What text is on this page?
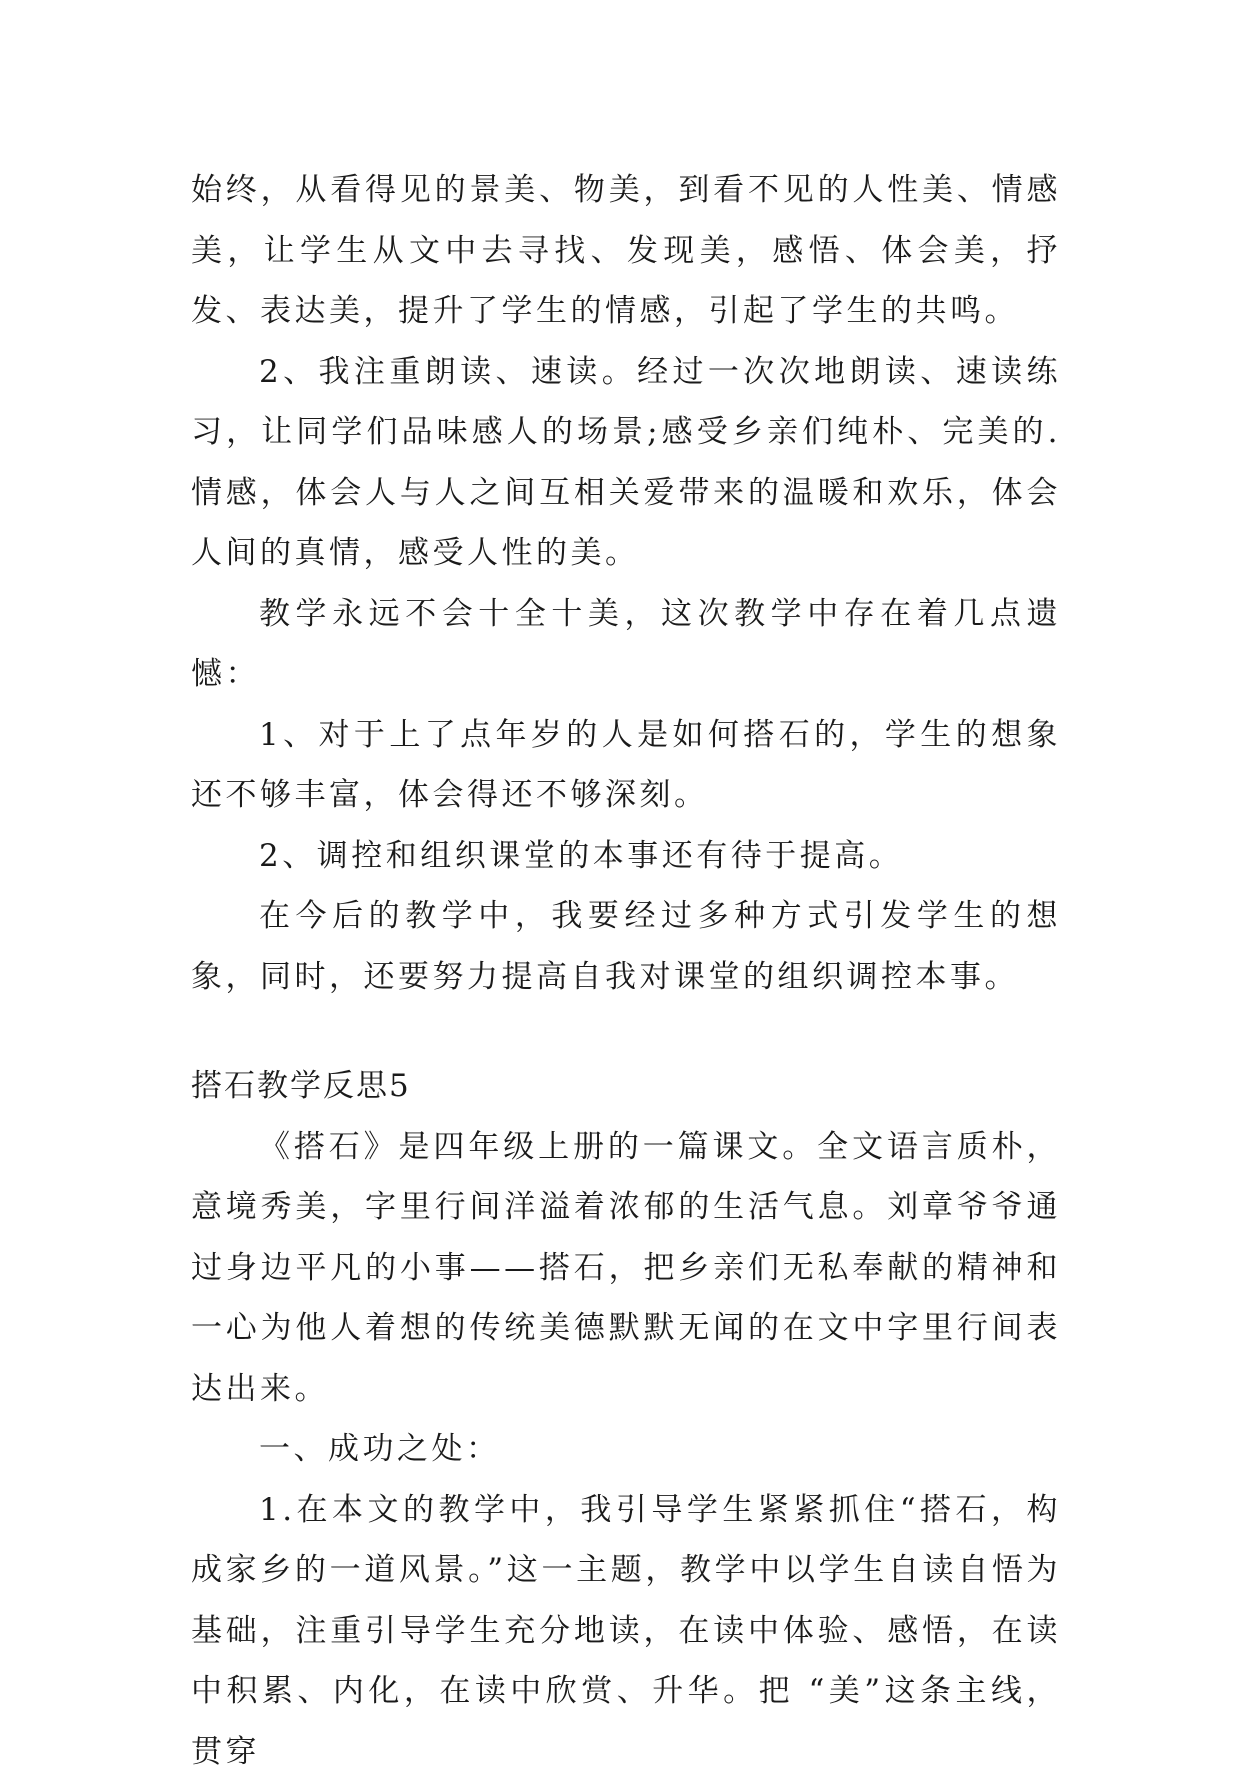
始终，从看得见的景美、物美，到看不见的人性美、情感美，让学生从文中去寻找、发现美，感悟、体会美，抒发、表达美，提升了学生的情感，引起了学生的共鸣。

2、我注重朗读、速读。经过一次次地朗读、速读练习，让同学们品味感人的场景;感受乡亲们纯朴、完美的.情感，体会人与人之间互相关爱带来的温暖和欢乐，体会人间的真情，感受人性的美。

教学永远不会十全十美，这次教学中存在着几点遗憾：

1、对于上了点年岁的人是如何搭石的，学生的想象还不够丰富，体会得还不够深刻。

2、调控和组织课堂的本事还有待于提高。

在今后的教学中，我要经过多种方式引发学生的想象，同时，还要努力提高自我对课堂的组织调控本事。

搭石教学反思5

《搭石》是四年级上册的一篇课文。全文语言质朴，意境秀美，字里行间洋溢着浓郁的生活气息。刘章爷爷通过身边平凡的小事——搭石，把乡亲们无私奉献的精神和一心为他人着想的传统美德默默无闻的在文中字里行间表达出来。

一、成功之处：

1.在本文的教学中，我引导学生紧紧抓住“搭石，构成家乡的一道风景。”这一主题，教学中以学生自读自悟为基础，注重引导学生充分地读，在读中体验、感悟，在读中积累、内化，在读中欣赏、升华。把 “美”这条主线，贯穿
